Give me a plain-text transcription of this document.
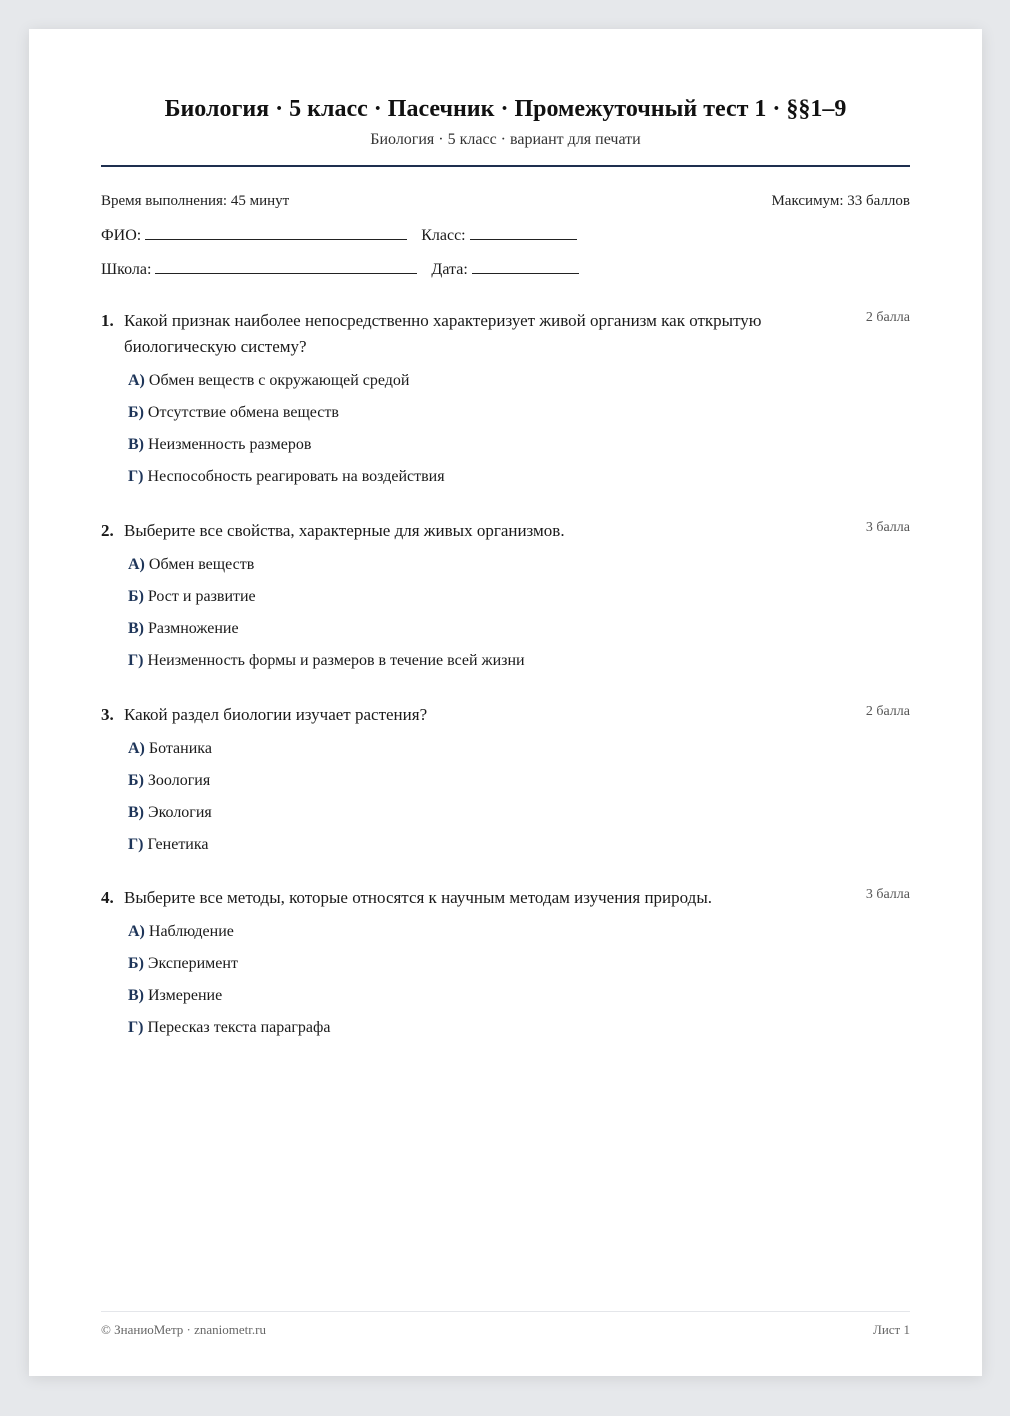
Биология · 5 класс · Пасечник · Промежуточный тест 1 · §§1–9
Биология · 5 класс · вариант для печати
Время выполнения: 45 минут	Максимум: 33 баллов
ФИО:	Класс:
Школа:	Дата:
1. Какой признак наиболее непосредственно характеризует живой организм как открытую биологическую систему?
2 балла
А) Обмен веществ с окружающей средой
Б) Отсутствие обмена веществ
В) Неизменность размеров
Г) Неспособность реагировать на воздействия
2. Выберите все свойства, характерные для живых организмов.	3 балла
А) Обмен веществ
Б) Рост и развитие
В) Размножение
Г) Неизменность формы и размеров в течение всей жизни
3. Какой раздел биологии изучает растения?	2 балла
А) Ботаника
Б) Зоология
В) Экология
Г) Генетика
4. Выберите все методы, которые относятся к научным методам изучения природы.	3 балла
А) Наблюдение
Б) Эксперимент
В) Измерение
Г) Пересказ текста параграфа
© ЗнаниоМетр · znaniometr.ru	Лист 1
